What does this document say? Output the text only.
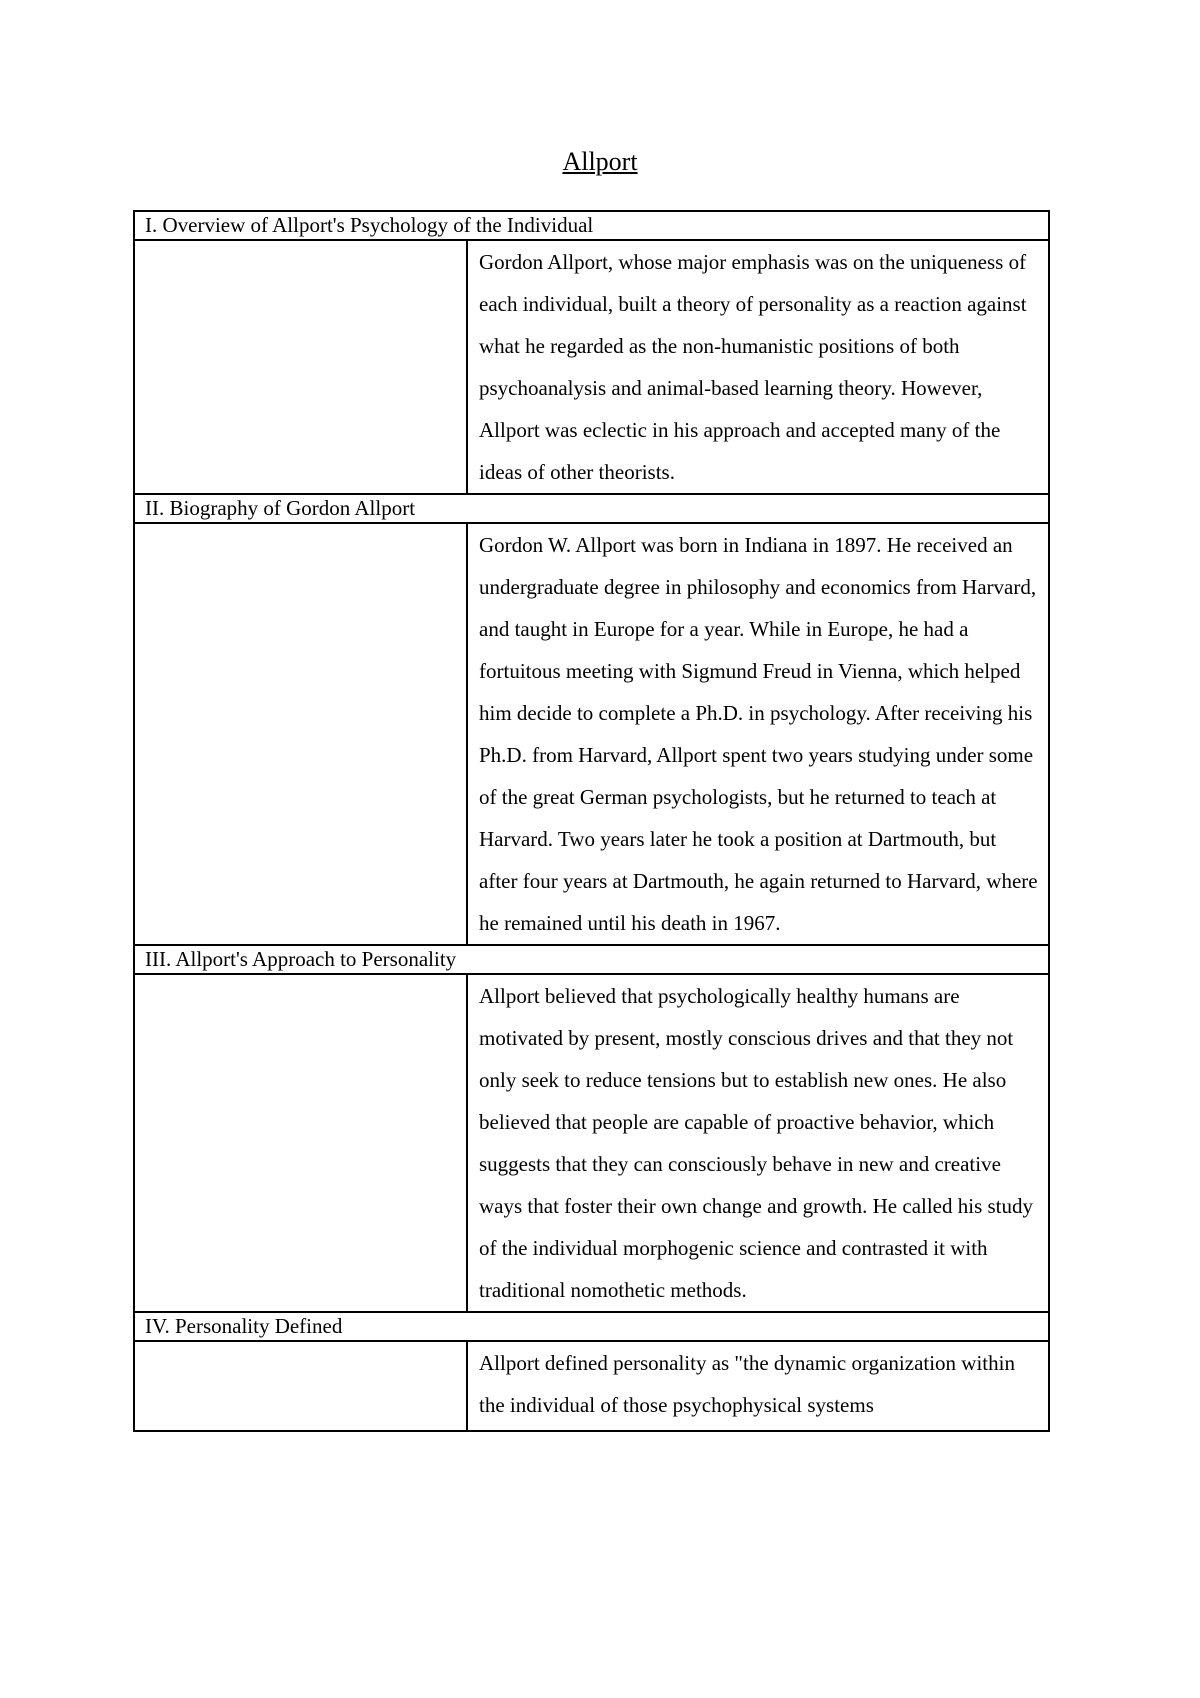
Allport
I. Overview of Allport's Psychology of the Individual	
	Gordon Allport, whose major emphasis was on the uniqueness of each individual, built a theory of personality as a reaction against what he regarded as the non-humanistic positions of both psychoanalysis and animal-based learning theory. However, Allport was eclectic in his approach and accepted many of the ideas of other theorists.
II. Biography of Gordon Allport	
	Gordon W. Allport was born in Indiana in 1897. He received an undergraduate degree in philosophy and economics from Harvard, and taught in Europe for a year. While in Europe, he had a fortuitous meeting with Sigmund Freud in Vienna, which helped him decide to complete a Ph.D. in psychology. After receiving his Ph.D. from Harvard, Allport spent two years studying under some of the great German psychologists, but he returned to teach at Harvard. Two years later he took a position at Dartmouth, but after four years at Dartmouth, he again returned to Harvard, where he remained until his death in 1967.
III. Allport's Approach to Personality	
	Allport believed that psychologically healthy humans are motivated by present, mostly conscious drives and that they not only seek to reduce tensions but to establish new ones. He also believed that people are capable of proactive behavior, which suggests that they can consciously behave in new and creative ways that foster their own change and growth. He called his study of the individual morphogenic science and contrasted it with traditional nomothetic methods.
IV. Personality Defined	

	Allport defined personality as "the dynamic organization within the individual of those psychophysical systems
